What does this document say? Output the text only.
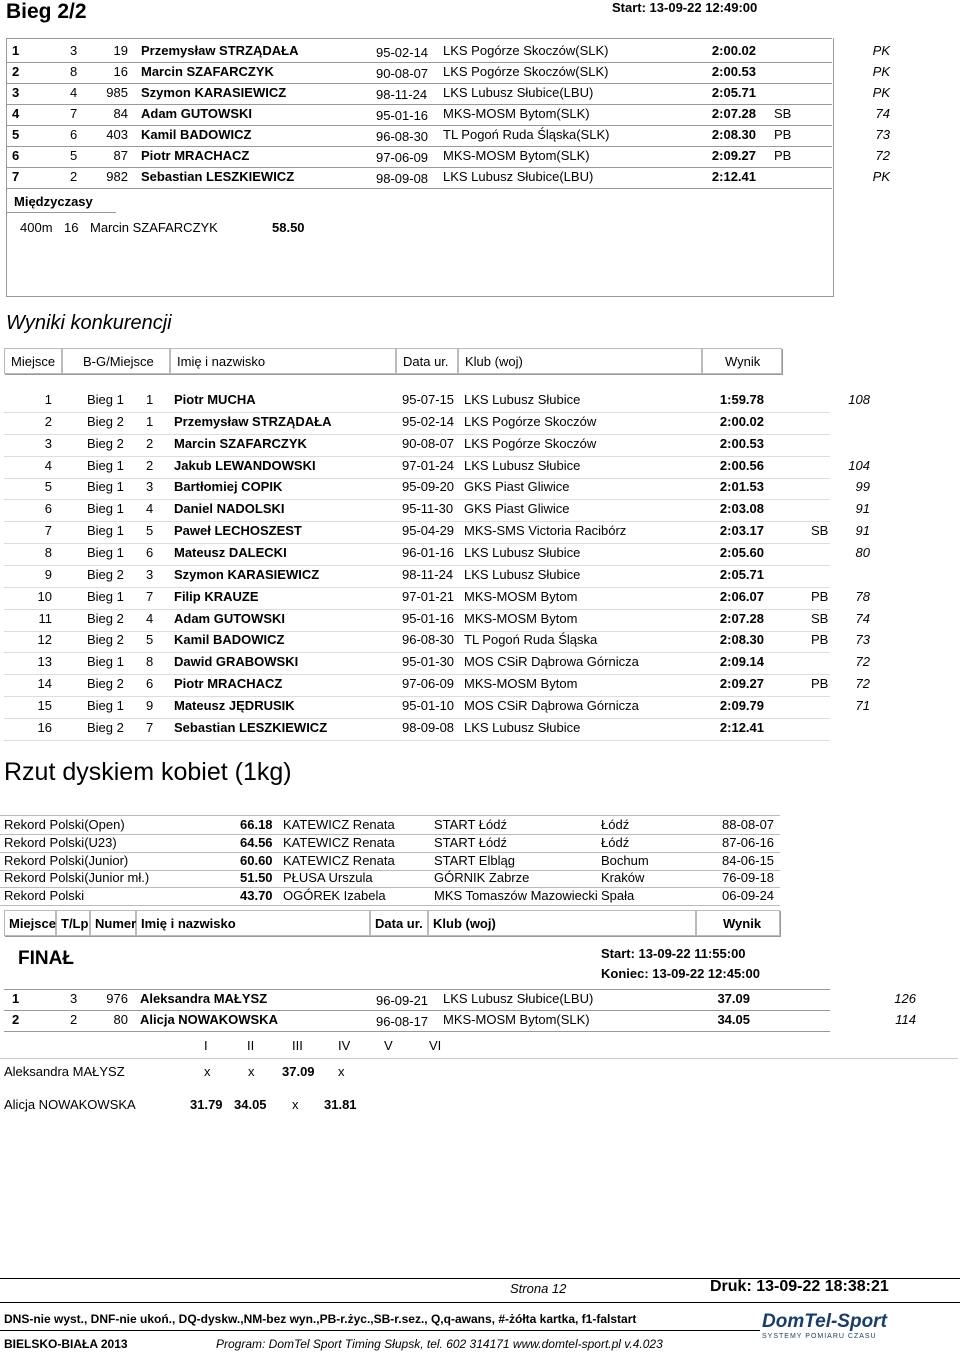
Bieg 2/2	Start: 13-09-22 12:49:00
1	3	19 Przemysław STRZĄDAŁA	95-02-14 LKS Pogórze Skoczów(SLK)	2:00.02	PK
2	8	16 Marcin SZAFARCZYK	90-08-07 LKS Pogórze Skoczów(SLK)	2:00.53	PK
3	4	985 Szymon KARASIEWICZ	98-11-24 LKS Lubusz Słubice(LBU)	2:05.71	PK
4	7	84 Adam GUTOWSKI	95-01-16 MKS-MOSM Bytom(SLK)	2:07.28 SB	74
5	6	403 Kamil BADOWICZ	96-08-30 TL Pogoń Ruda Śląska(SLK)	2:08.30 PB	73
6	5	87 Piotr MRACHACZ	97-06-09 MKS-MOSM Bytom(SLK)	2:09.27 PB	72
7	2	982 Sebastian LESZKIEWICZ	98-09-08 LKS Lubusz Słubice(LBU)	2:12.41	PK
Międzyczasy
400m 16 Marcin SZAFARCZYK	58.50
Wyniki konkurencji
Miejsce	B-G/Miejsce	Imię i nazwisko	Data ur.	Klub (woj)	Wynik
1	Bieg 1 1 Piotr MUCHA	95-07-15 LKS Lubusz Słubice	1:59.78	108
2	Bieg 2 1 Przemysław STRZĄDAŁA	95-02-14 LKS Pogórze Skoczów	2:00.02
3	Bieg 2 2 Marcin SZAFARCZYK	90-08-07 LKS Pogórze Skoczów	2:00.53
4	Bieg 1 2 Jakub LEWANDOWSKI	97-01-24 LKS Lubusz Słubice	2:00.56	104
5	Bieg 1 3 Bartłomiej COPIK	95-09-20 GKS Piast Gliwice	2:01.53	99
6	Bieg 1 4 Daniel NADOLSKI	95-11-30 GKS Piast Gliwice	2:03.08	91
7	Bieg 1 5 Paweł LECHOSZEST	95-04-29 MKS-SMS Victoria Racibórz	2:03.17	SB	91
8	Bieg 1 6 Mateusz DALECKI	96-01-16 LKS Lubusz Słubice	2:05.60	80
9	Bieg 2 3 Szymon KARASIEWICZ	98-11-24 LKS Lubusz Słubice	2:05.71
10	Bieg 1 7 Filip KRAUZE	97-01-21 MKS-MOSM Bytom	2:06.07	PB	78
11	Bieg 2 4 Adam GUTOWSKI	95-01-16 MKS-MOSM Bytom	2:07.28	SB	74
12	Bieg 2 5 Kamil BADOWICZ	96-08-30 TL Pogoń Ruda Śląska	2:08.30	PB	73
13	Bieg 1 8 Dawid GRABOWSKI	95-01-30 MOS CSiR Dąbrowa Górnicza	2:09.14	72
14	Bieg 2 6 Piotr MRACHACZ	97-06-09 MKS-MOSM Bytom	2:09.27	PB	72
15	Bieg 1 9 Mateusz JĘDRUSIK	95-01-10 MOS CSiR Dąbrowa Górnicza	2:09.79	71
16	Bieg 2 7 Sebastian LESZKIEWICZ	98-09-08 LKS Lubusz Słubice	2:12.41
Rzut dyskiem kobiet (1kg)
Rekord Polski(Open)	66.18 KATEWICZ Renata	START Łódź	Łódź	88-08-07
Rekord Polski(U23)	64.56 KATEWICZ Renata	START Łódź	Łódź	87-06-16
Rekord Polski(Junior)	60.60 KATEWICZ Renata	START Elbląg	Bochum	84-06-15
Rekord Polski(Junior mł.)	51.50 PŁUSA Urszula	GÓRNIK Zabrze	Kraków	76-09-18
Rekord Polski	43.70 OGÓREK Izabela	MKS Tomaszów Mazowiecki Spała	06-09-24
Miejsce T/Lp Numer Imię i nazwisko	Data ur. Klub (woj)	Wynik
FINAŁ	Start: 13-09-22 11:55:00
Koniec: 13-09-22 12:45:00
1	3	976 Aleksandra MAŁYSZ	96-09-21 LKS Lubusz Słubice(LBU)	37.09	126
2	2	80 Alicja NOWAKOWSKA	96-08-17 MKS-MOSM Bytom(SLK)	34.05	114
I	II	III	IV	V	VI
Aleksandra MAŁYSZ	x	x 37.09 x
Alicja NOWAKOWSKA	31.79 34.05 x 31.81
Strona 12	Druk: 13-09-22 18:38:21
DNS-nie wyst., DNF-nie ukoń., DQ-dyskw.,NM-bez wyn.,PB-r.życ.,SB-r.sez., Q,q-awans, #-żółta kartka, f1-falstart
BIELSKO-BIAŁA 2013	Program: DomTel Sport Timing Słupsk, tel. 602 314171 www.domtel-sport.pl v.4.023
DomTel-Sport
SYSTEMY POMIARU CZASU
